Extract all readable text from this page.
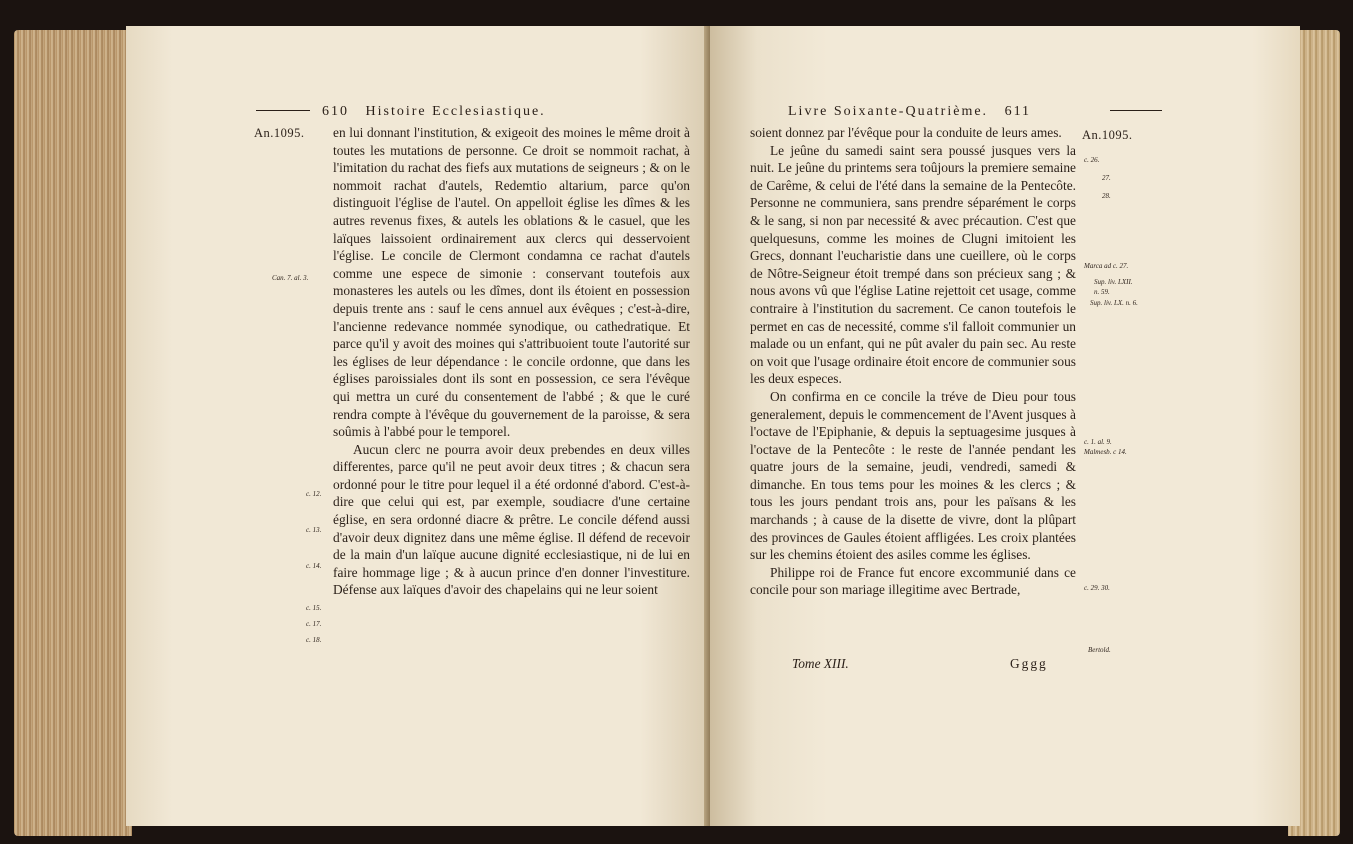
610 Histoire Ecclesiastique.
An.1095.
Can. 7. al. 3.
c. 12.
c. 13.
c. 14.
c. 15.
c. 17.
c. 18.

en lui donnant l'institution, & exigeoit des moines le même droit à toutes les mutations de personne. Ce droit se nommoit rachat, à l'imitation du rachat des fiefs aux mutations de seigneurs ; & on le nommoit rachat d'autels, Redemtio altarium, parce qu'on distinguoit l'église de l'autel. On appelloit église les dîmes & les autres revenus fixes, & autels les oblations & le casuel, que les laïques laissoient ordinairement aux clercs qui desservoient l'église. Le concile de Clermont condamna ce rachat d'autels comme une espece de simonie : conservant toutefois aux monasteres les autels ou les dîmes, dont ils étoient en possession depuis trente ans : sauf le cens annuel aux évêques ; c'est-à-dire, l'ancienne redevance nommée synodique, ou cathedratique. Et parce qu'il y avoit des moines qui s'attribuoient toute l'autorité sur les églises de leur dépendance : le concile ordonne, que dans les églises paroissiales dont ils sont en possession, ce sera l'évêque qui mettra un curé du consentement de l'abbé ; & que le curé rendra compte à l'évêque du gouvernement de la paroisse, & sera soûmis à l'abbé pour le temporel.

Aucun clerc ne pourra avoir deux prebendes en deux villes differentes, parce qu'il ne peut avoir deux titres ; & chacun sera ordonné pour le titre pour lequel il a été ordonné d'abord. C'est-à-dire que celui qui est, par exemple, soudiacre d'une certaine église, en sera ordonné diacre & prêtre. Le concile défend aussi d'avoir deux dignitez dans une même église. Il défend de recevoir de la main d'un laïque aucune dignité ecclesiastique, ni de lui en faire hommage lige ; & à aucun prince d'en donner l'investiture. Défense aux laïques d'avoir des chapelains qui ne leur soient

Livre Soixante-Quatrième. 611
An.1095.
c. 26.
27.
28.
Marca ad c. 27.
Sup. liv. LXII.
n. 59.
Sup. liv. LX. n. 6.
c. 1. al. 9.
Malmesb. c 14.
c. 29. 30.
Bertold.

soient donnez par l'évêque pour la conduite de leurs ames.

Le jeûne du samedi saint sera poussé jusques vers la nuit. Le jeûne du printems sera toûjours la premiere semaine de Carême, & celui de l'été dans la semaine de la Pentecôte. Personne ne communiera, sans prendre séparément le corps & le sang, si non par necessité & avec précaution. C'est que quelquesuns, comme les moines de Clugni imitoient les Grecs, donnant l'eucharistie dans une cueillere, où le corps de Nôtre-Seigneur étoit trempé dans son précieux sang ; & nous avons vû que l'église Latine rejettoit cet usage, comme contraire à l'institution du sacrement. Ce canon toutefois le permet en cas de necessité, comme s'il falloit communier un malade ou un enfant, qui ne pût avaler du pain sec. Au reste on voit que l'usage ordinaire étoit encore de communier sous les deux especes.

On confirma en ce concile la tréve de Dieu pour tous generalement, depuis le commencement de l'Avent jusques à l'octave de l'Epiphanie, & depuis la septuagesime jusques à l'octave de la Pentecôte : le reste de l'année pendant les quatre jours de la semaine, jeudi, vendredi, samedi & dimanche. En tous tems pour les moines & les clercs ; & tous les jours pendant trois ans, pour les païsans & les marchands ; à cause de la disette de vivre, dont la plûpart des provinces de Gaules étoient affligées. Les croix plantées sur les chemins étoient des asiles comme les églises.

Philippe roi de France fut encore excommunié dans ce concile pour son mariage illegitime avec Bertrade,

Tome XIII.	Gggg
